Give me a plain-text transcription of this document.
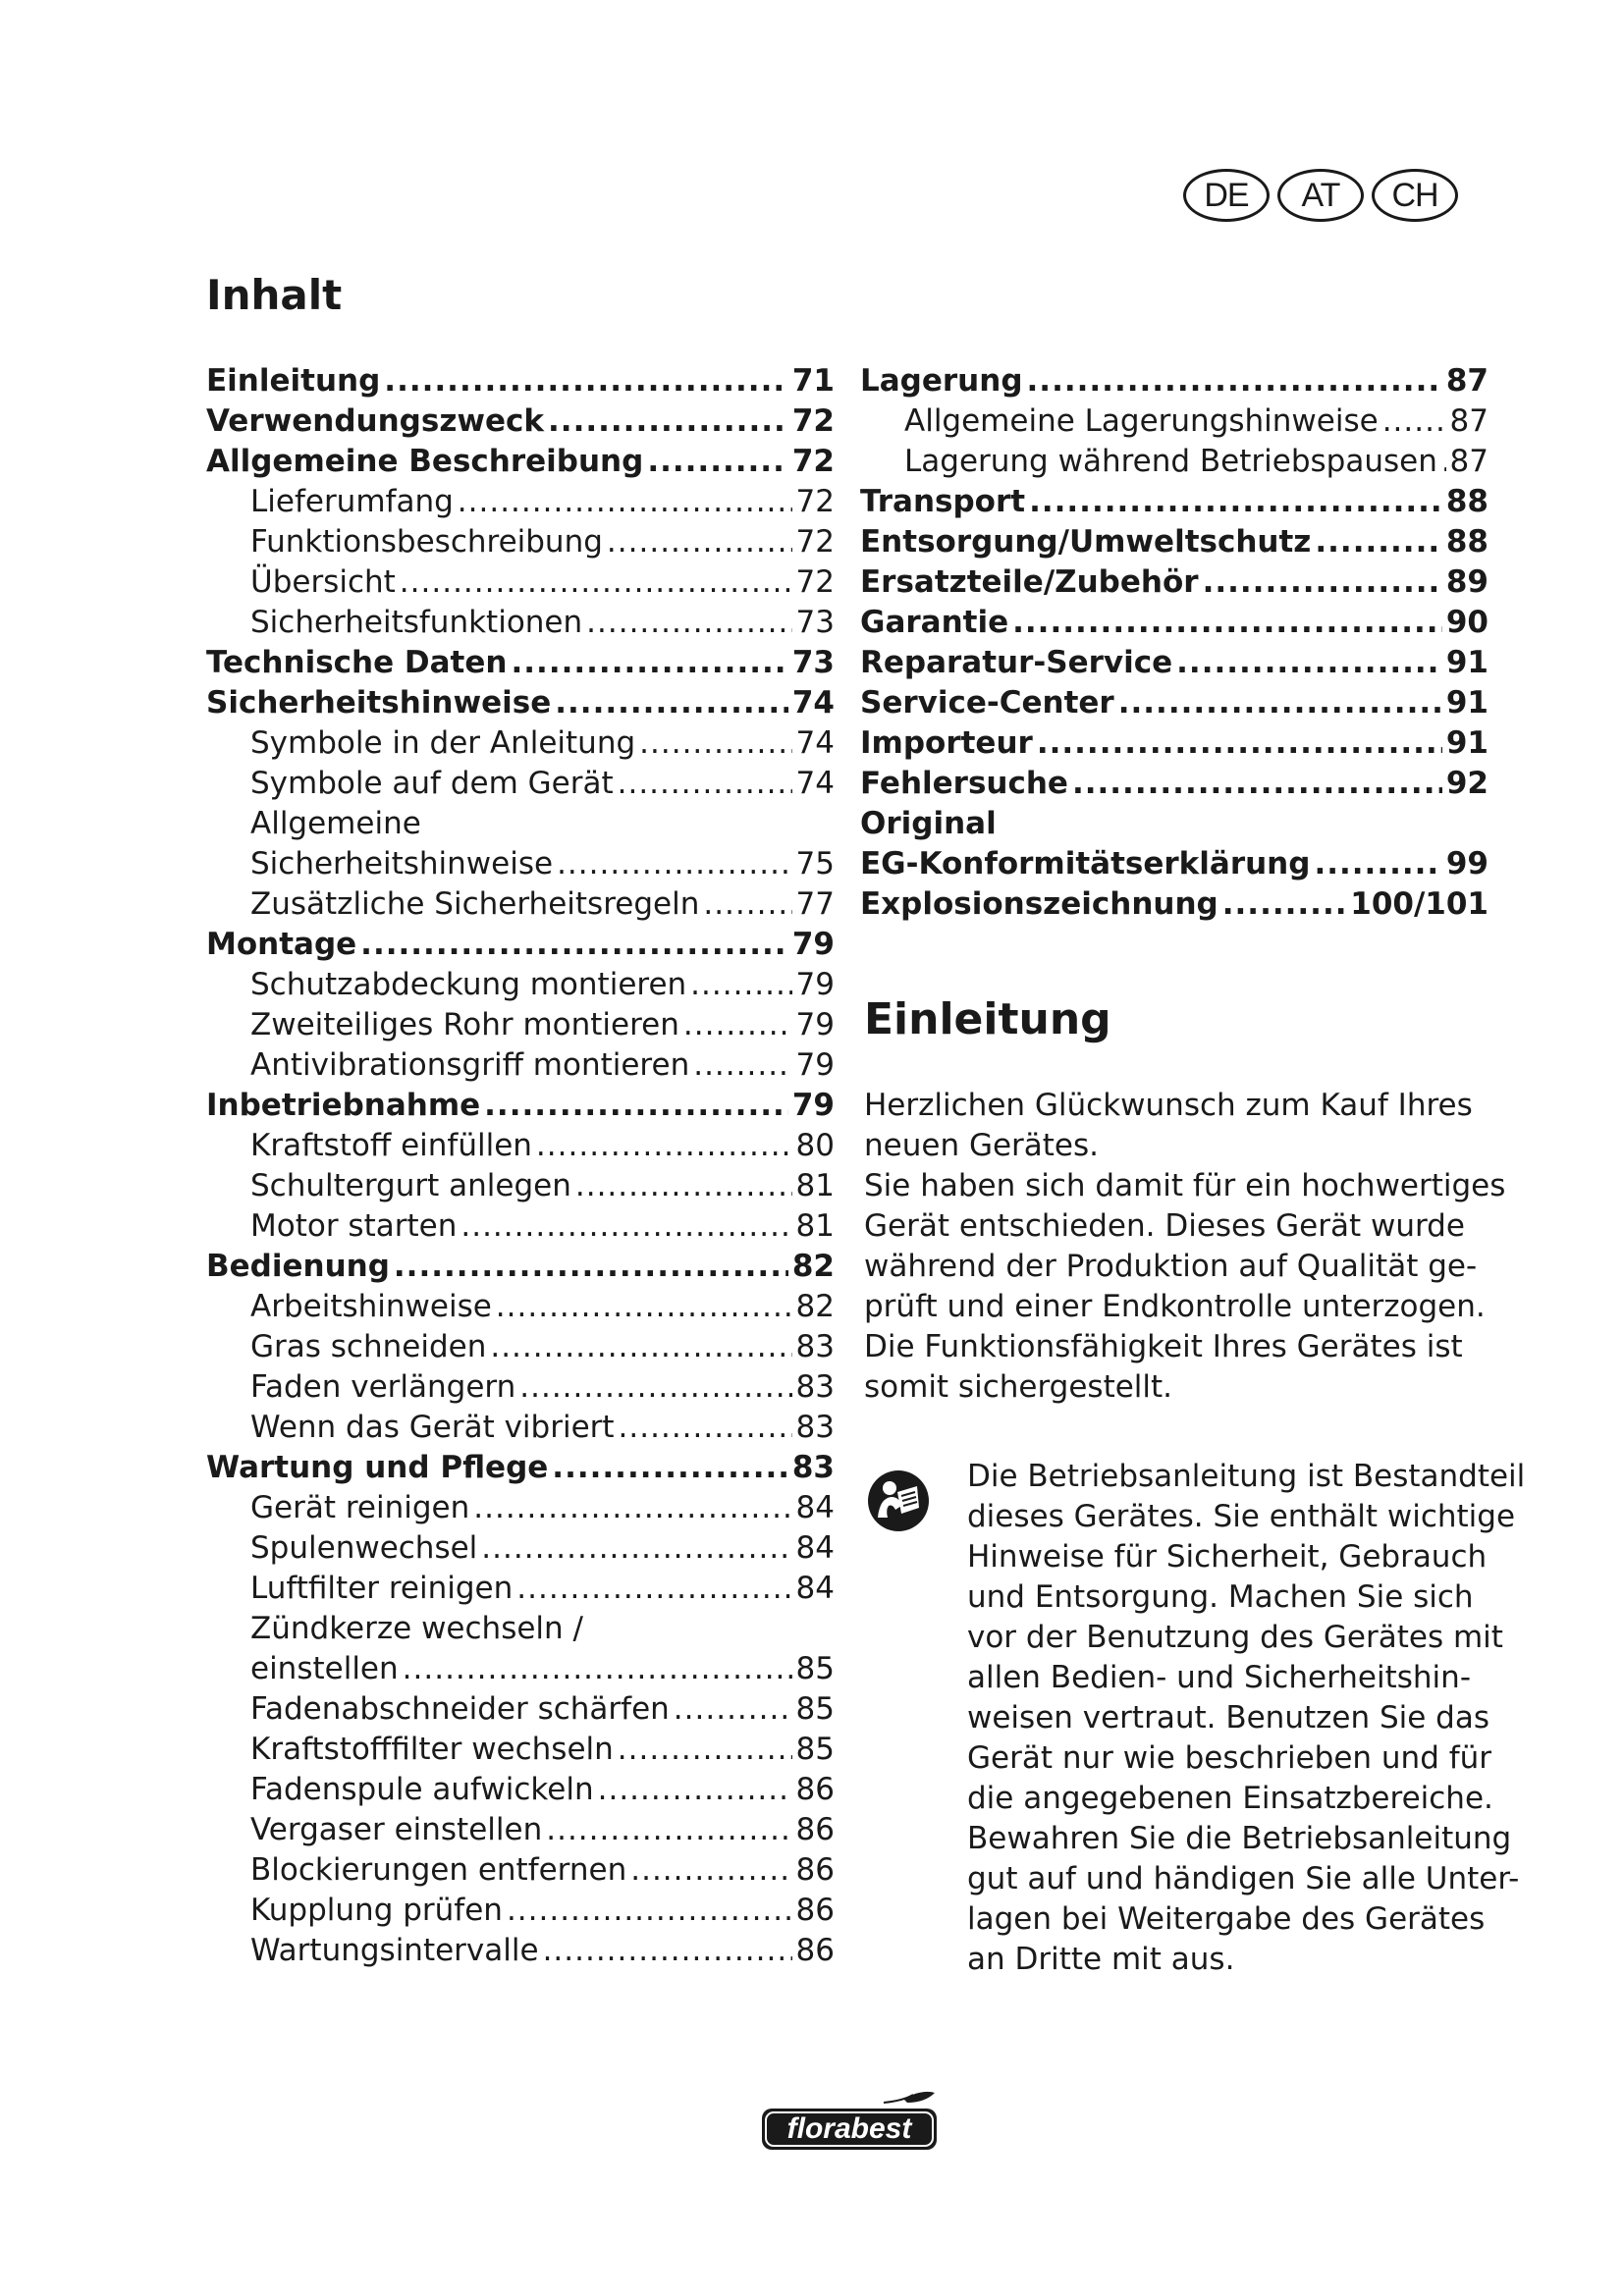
DE	AT	CH
Inhalt
Einleitung .....	71
Verwendungszweck .....	72
Allgemeine Beschreibung .....	72
Lieferumfang .....	72
Funktionsbeschreibung .....	72
Übersicht .....	72
Sicherheitsfunktionen .....	73
Technische Daten .....	73
Sicherheitshinweise .....	74
Symbole in der Anleitung .....	74
Symbole auf dem Gerät .....	74
Allgemeine
Sicherheitshinweise .....	75
Zusätzliche Sicherheitsregeln .....	77
Montage .....	79
Schutzabdeckung montieren .....	79
Zweiteiliges Rohr montieren .....	79
Antivibrationsgriff montieren .....	79
Inbetriebnahme .....	79
Kraftstoff einfüllen .....	80
Schultergurt anlegen .....	81
Motor starten .....	81
Bedienung .....	82
Arbeitshinweise .....	82
Gras schneiden .....	83
Faden verlängern .....	83
Wenn das Gerät vibriert .....	83
Wartung und Pflege .....	83
Gerät reinigen .....	84
Spulenwechsel .....	84
Luftfilter reinigen .....	84
Zündkerze wechseln /
einstellen .....	85
Fadenabschneider schärfen .....	85
Kraftstofffilter wechseln .....	85
Fadenspule aufwickeln .....	86
Vergaser einstellen .....	86
Blockierungen entfernen .....	86
Kupplung prüfen .....	86
Wartungsintervalle .....	86
Lagerung .....	87
Allgemeine Lagerungshinweise ..... 87
Lagerung während Betriebspausen ..... 87
Transport .....	88
Entsorgung/Umweltschutz .....	88
Ersatzteile/Zubehör .....	89
Garantie .....	90
Reparatur-Service .....	91
Service-Center .....	91
Importeur .....	91
Fehlersuche .....	92
Original
EG-Konformitätserklärung .....	99
Explosionszeichnung .....	100/101
Einleitung
Herzlichen Glückwunsch zum Kauf Ihres
neuen Gerätes.
Sie haben sich damit für ein hochwertiges
Gerät entschieden. Dieses Gerät wurde
während der Produktion auf Qualität ge-
prüft und einer Endkontrolle unterzogen.
Die Funktionsfähigkeit Ihres Gerätes ist
somit sichergestellt.
Die Betriebsanleitung ist Bestandteil
dieses Gerätes. Sie enthält wichtige
Hinweise für Sicherheit, Gebrauch
und Entsorgung. Machen Sie sich
vor der Benutzung des Gerätes mit
allen Bedien- und Sicherheitshin-
weisen vertraut. Benutzen Sie das
Gerät nur wie beschrieben und für
die angegebenen Einsatzbereiche.
Bewahren Sie die Betriebsanleitung
gut auf und händigen Sie alle Unter-
lagen bei Weitergabe des Gerätes
an Dritte mit aus.
florabest
